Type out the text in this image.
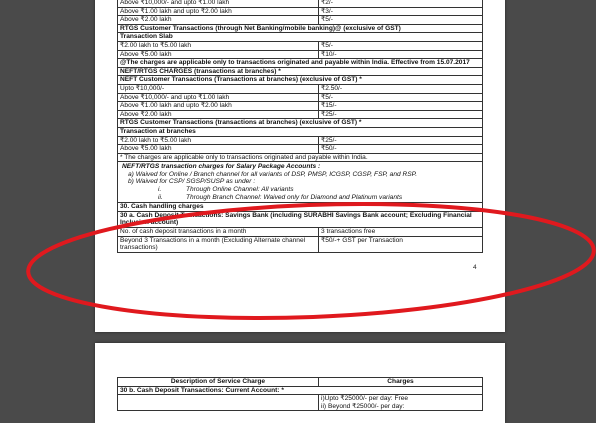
Above ₹10,000/- and upto ₹1.00 lakh	₹2/-
Above ₹1.00 lakh and upto ₹2.00 lakh	₹3/-
Above ₹2.00 lakh	₹5/-
RTGS Customer Transactions (through Net Banking/mobile banking)@ (exclusive of GST)	
Transaction Slab	
₹2.00 lakh to ₹5.00 lakh	₹5/-
Above ₹5.00 lakh	₹10/-
@The charges are applicable only to transactions originated and payable within India. Effective from 15.07.2017	
NEFT/RTGS CHARGES (transactions at branches) *	
NEFT Customer Transactions (Transactions at branches) (exclusive of GST) *	
Upto ₹10,000/-	₹2.50/-
Above ₹10,000/- and upto ₹1.00 lakh	₹5/-
Above ₹1.00 lakh and upto ₹2.00 lakh	₹15/-
Above ₹2.00 lakh	₹25/-
RTGS Customer Transactions (transactions at branches) (exclusive of GST) *	
Transaction at branches	
₹2.00 lakh to ₹5.00 lakh	₹25/-
Above ₹5.00 lakh	₹50/-
* The charges are applicable only to transactions originated and payable within India.	

NEFT/RTGS transaction charges for Salary Package Accounts :
a) Waived for Online / Branch channel for all variants of DSP, PMSP, ICGSP, CGSP, FSP, and RSP.
b) Waived for CSP/ SGSP/SUSP as under :
i. Through Online Channel: All variants
ii. Through Branch Channel: Waived only for Diamond and Platinum variants	

30. Cash handling charges	
30 a. Cash Deposit Transactions: Savings Bank (including SURABHI Savings Bank account; Excluding Financial Inclusion account)	
No. of cash deposit transactions in a month	3 transactions free
Beyond 3 Transactions in a month (Excluding Alternate channel transactions)	₹50/-+ GST per Transaction
4
Description of Service Charge	Charges
30 b. Cash Deposit Transactions: Current Account: *	

	i)Upto ₹25000/- per day: Free
ii) Beyond ₹25000/- per day:
